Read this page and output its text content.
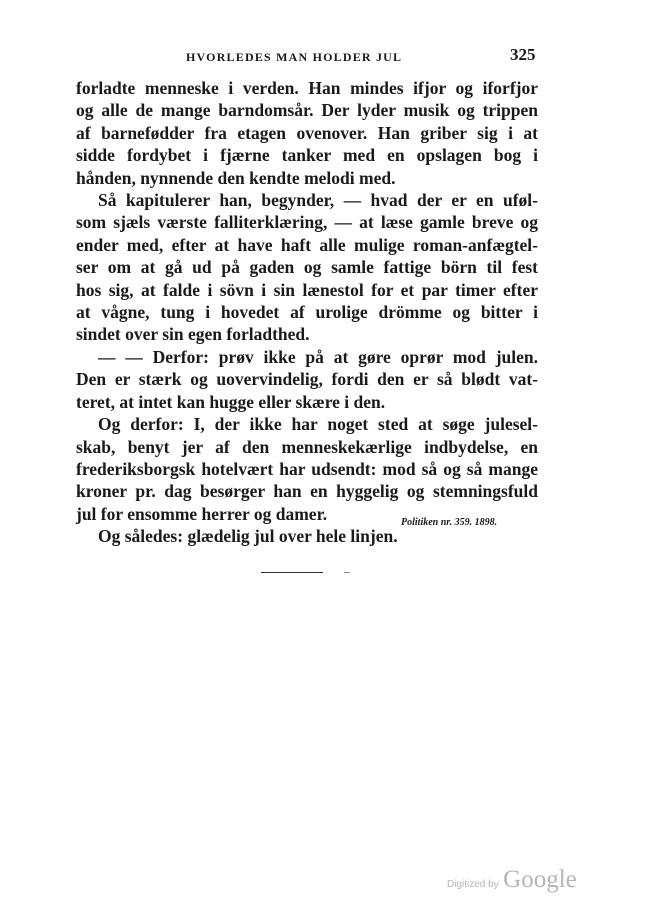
HVORLEDES MAN HOLDER JUL	325
forladte menneske i verden. Han mindes ifjor og iforfjor
og alle de mange barndomsår. Der lyder musik og trippen
af barnefødder fra etagen ovenover. Han griber sig i at
sidde fordybet i fjærne tanker med en opslagen bog i
hånden, nynnende den kendte melodi med.
Så kapitulerer han, begynder, — hvad der er en uføl-
som sjæls værste falliterklæring, — at læse gamle breve og
ender med, efter at have haft alle mulige roman-anfægtel-
ser om at gå ud på gaden og samle fattige börn til fest
hos sig, at falde i sövn i sin lænestol for et par timer efter
at vågne, tung i hovedet af urolige drömme og bitter i
sindet over sin egen forladthed.
— — Derfor: prøv ikke på at gøre oprør mod julen.
Den er stærk og uovervindelig, fordi den er så blødt vat-
teret, at intet kan hugge eller skære i den.
Og derfor: I, der ikke har noget sted at søge julesel-
skab, benyt jer af den menneskekærlige indbydelse, en
frederiksborgsk hotelvært har udsendt: mod så og så mange
kroner pr. dag besørger han en hyggelig og stemningsfuld
jul for ensomme herrer og damer.
Og således: glædelig jul over hele linjen.
Politiken nr. 359. 1898.
Digitized by Google
